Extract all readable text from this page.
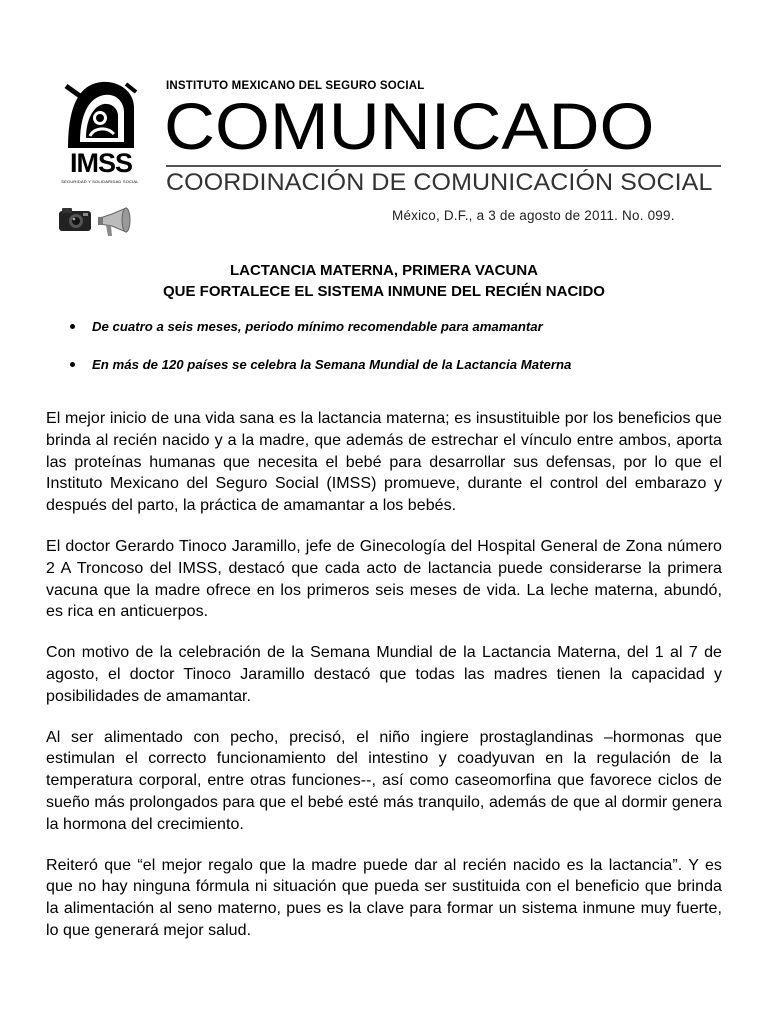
IMSS
SEGURIDAD Y SOLIDARIDAD SOCIAL
INSTITUTO MEXICANO DEL SEGURO SOCIAL
COMUNICADO
COORDINACIÓN DE COMUNICACIÓN SOCIAL
México, D.F., a 3 de agosto de 2011. No. 099.
LACTANCIA MATERNA, PRIMERA VACUNA
QUE FORTALECE EL SISTEMA INMUNE DEL RECIÉN NACIDO
De cuatro a seis meses, periodo mínimo recomendable para amamantar
En más de 120 países se celebra la Semana Mundial de la Lactancia Materna

El mejor inicio de una vida sana es la lactancia materna; es insustituible por los beneficios que brinda al recién nacido y a la madre, que además de estrechar el vínculo entre ambos, aporta las proteínas humanas que necesita el bebé para desarrollar sus defensas, por lo que el Instituto Mexicano del Seguro Social (IMSS) promueve, durante el control del embarazo y después del parto, la práctica de amamantar a los bebés.

El doctor Gerardo Tinoco Jaramillo, jefe de Ginecología del Hospital General de Zona número 2 A Troncoso del IMSS, destacó que cada acto de lactancia puede considerarse la primera vacuna que la madre ofrece en los primeros seis meses de vida. La leche materna, abundó, es rica en anticuerpos.

Con motivo de la celebración de la Semana Mundial de la Lactancia Materna, del 1 al 7 de agosto, el doctor Tinoco Jaramillo destacó que todas las madres tienen la capacidad y posibilidades de amamantar.

Al ser alimentado con pecho, precisó, el niño ingiere prostaglandinas –hormonas que estimulan el correcto funcionamiento del intestino y coadyuvan en la regulación de la temperatura corporal, entre otras funciones--, así como caseomorfina que favorece ciclos de sueño más prolongados para que el bebé esté más tranquilo, además de que al dormir genera la hormona del crecimiento.

Reiteró que “el mejor regalo que la madre puede dar al recién nacido es la lactancia”. Y es que no hay ninguna fórmula ni situación que pueda ser sustituida con el beneficio que brinda la alimentación al seno materno, pues es la clave para formar un sistema inmune muy fuerte, lo que generará mejor salud.
